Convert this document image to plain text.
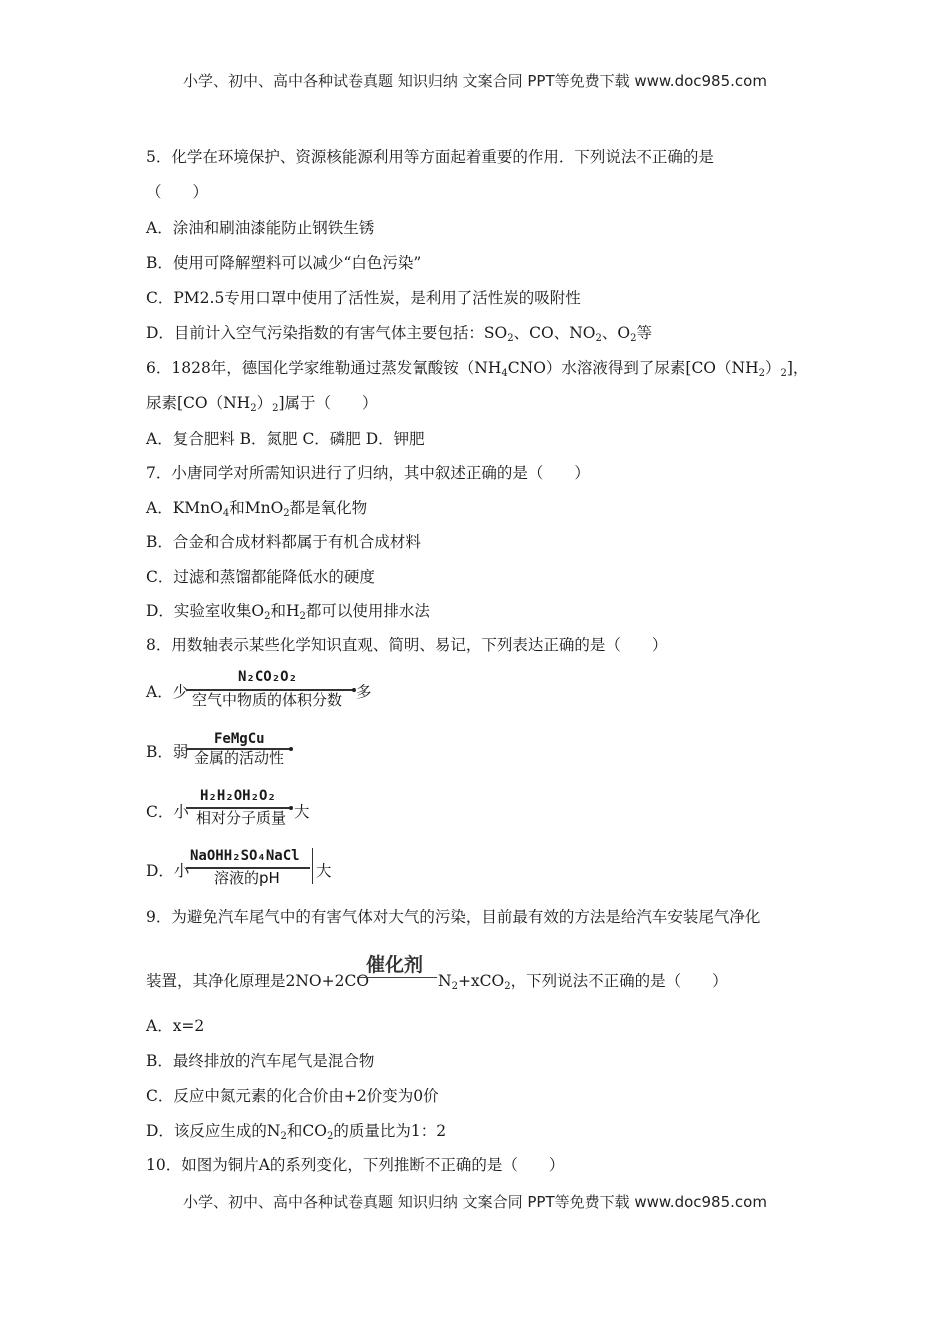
小学、初中、高中各种试卷真题 知识归纳 文案合同 PPT等免费下载 www.doc985.com
5．化学在环境保护、资源核能源利用等方面起着重要的作用．下列说法不正确的是
（　　）
A．涂油和刷油漆能防止钢铁生锈
B．使用可降解塑料可以减少“白色污染”
C．PM2.5专用口罩中使用了活性炭，是利用了活性炭的吸附性
D．目前计入空气污染指数的有害气体主要包括：$SO_2$、CO、$NO_2$、$O_2$等
6．1828年，德国化学家维勒通过蒸发氰酸铵$(NH_4CNO)$水溶液得到了尿素$[CO(NH_2)_2]$，
尿素$[CO(NH_2)_2]$属于（　　）
A．复合肥料 B．氮肥 C．磷肥 D．钾肥
7．小唐同学对所需知识进行了归纳，其中叙述正确的是（　　）
A．KMnO$_4$和MnO$_2$都是氧化物
B．合金和合成材料都属于有机合成材料
C．过滤和蒸馏都能降低水的硬度
D．实验室收集$O_2$和$H_2$都可以使用排水法
8．用数轴表示某些化学知识直观、简明、易记，下列表达正确的是（　　）
A．少
N₂CO₂O₂
空气中物质的体积分数 多
B．弱
FeMgCu
金属的活动性
C．小
H₂H₂OH₂O₂
相对分子质量 大
D．小
NaOHH₂SO₄NaCl
溶液的pH 大
9．为避免汽车尾气中的有害气体对大气的污染，目前最有效的方法是给汽车安装尾气净化
装置，其净化原理是2NO+2CO
催化剂
$N_2+xCO_2$，下列说法不正确的是（　　）
A．x=2
B．最终排放的汽车尾气是混合物
C．反应中氮元素的化合价由+2价变为0价
D．该反应生成的$N_2$和$CO_2$的质量比为1：2
10．如图为铜片A的系列变化，下列推断不正确的是（　　）
小学、初中、高中各种试卷真题 知识归纳 文案合同 PPT等免费下载 www.doc985.com
